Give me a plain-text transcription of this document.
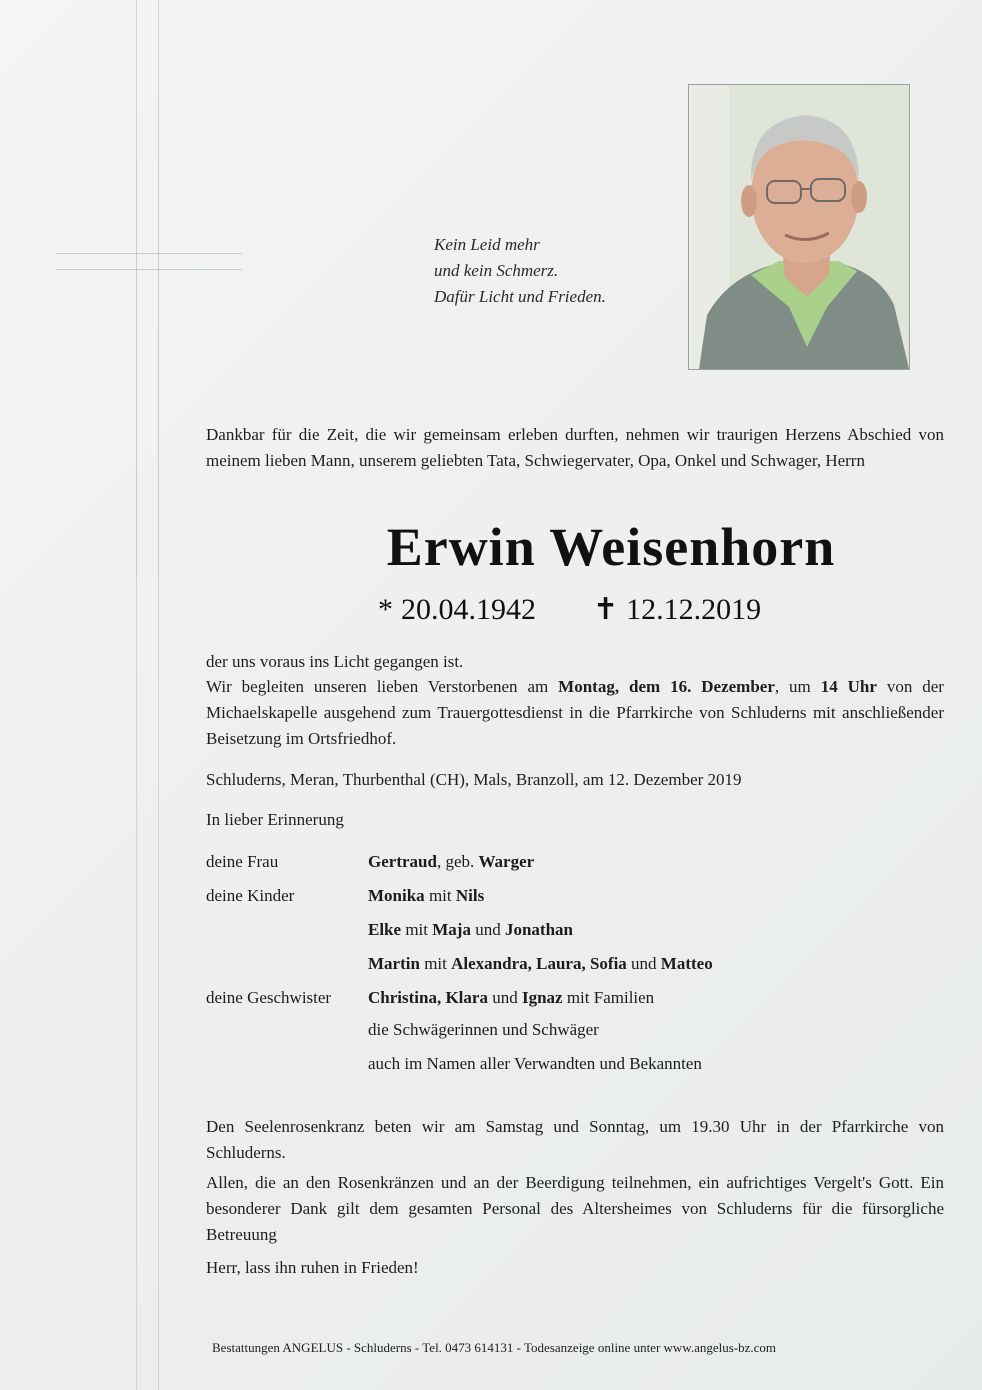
Kein Leid mehr
und kein Schmerz.
Dafür Licht und Frieden.
Dankbar für die Zeit, die wir gemeinsam erleben durften, nehmen wir traurigen Herzens Abschied von meinem lieben Mann, unserem geliebten Tata, Schwiegervater, Opa, Onkel und Schwager, Herrn
Erwin Weisenhorn
* 20.04.1942 ✝ 12.12.2019
der uns voraus ins Licht gegangen ist.
Wir begleiten unseren lieben Verstorbenen am Montag, dem 16. Dezember, um 14 Uhr von der Michaelskapelle ausgehend zum Trauergottesdienst in die Pfarrkirche von Schluderns mit anschließender Beisetzung im Ortsfriedhof.
Schluderns, Meran, Thurbenthal (CH), Mals, Branzoll, am 12. Dezember 2019
In lieber Erinnerung
deine Frau	Gertraud, geb. Warger
deine Kinder	Monika mit Nils
Elke mit Maja und Jonathan
Martin mit Alexandra, Laura, Sofia und Matteo
deine Geschwister Christina, Klara und Ignaz mit Familien
die Schwägerinnen und Schwäger
auch im Namen aller Verwandten und Bekannten
Den Seelenrosenkranz beten wir am Samstag und Sonntag, um 19.30 Uhr in der Pfarrkirche von Schluderns.
Allen, die an den Rosenkränzen und an der Beerdigung teilnehmen, ein aufrichtiges Vergelt's Gott. Ein besonderer Dank gilt dem gesamten Personal des Altersheimes von Schluderns für die fürsorgliche Betreuung
Herr, lass ihn ruhen in Frieden!
Bestattungen ANGELUS - Schluderns - Tel. 0473 614131 - Todesanzeige online unter www.angelus-bz.com
